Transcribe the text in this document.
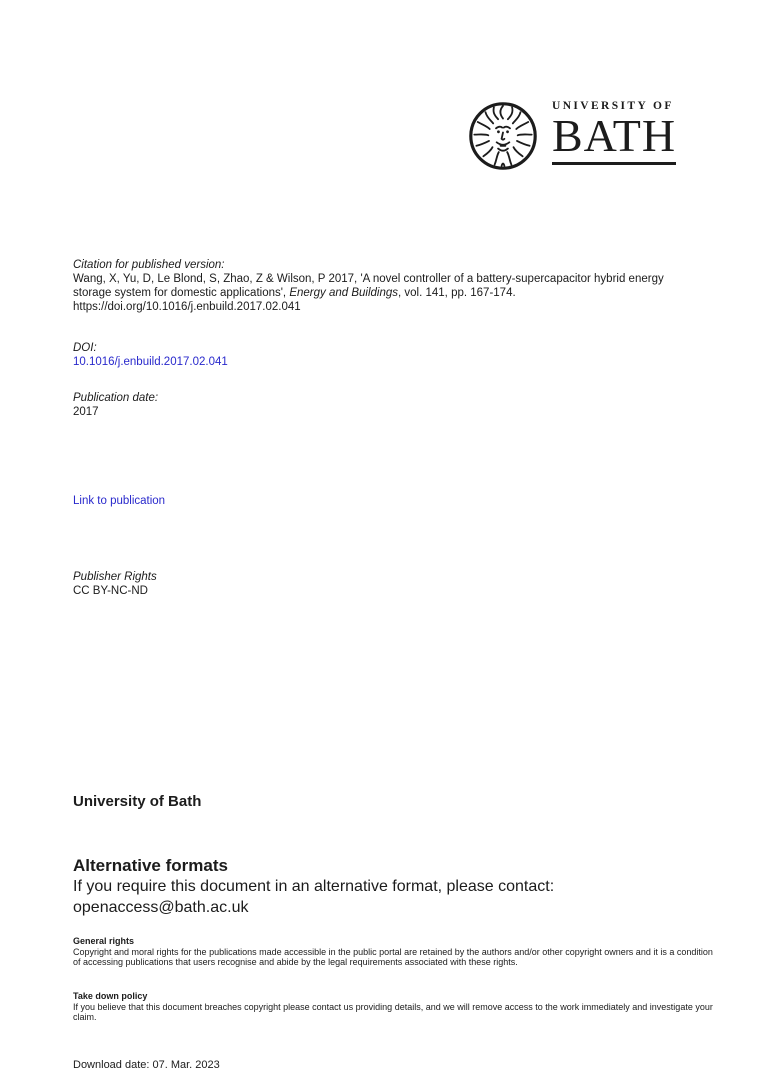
UNIVERSITY OF
BATH
Citation for published version:

Wang, X, Yu, D, Le Blond, S, Zhao, Z & Wilson, P 2017, 'A novel controller of a battery-supercapacitor hybrid energy storage system for domestic applications', Energy and Buildings, vol. 141, pp. 167-174.

https://doi.org/10.1016/j.enbuild.2017.02.041
DOI:
10.1016/j.enbuild.2017.02.041
Publication date:
2017
Link to publication
Publisher Rights
CC BY-NC-ND
University of Bath

Alternative formats

If you require this document in an alternative format, please contact:

openaccess@bath.ac.uk

General rights

Copyright and moral rights for the publications made accessible in the public portal are retained by the authors and/or other copyright owners and it is a condition of accessing publications that users recognise and abide by the legal requirements associated with these rights.

Take down policy

If you believe that this document breaches copyright please contact us providing details, and we will remove access to the work immediately and investigate your claim.

Download date: 07. Mar. 2023
